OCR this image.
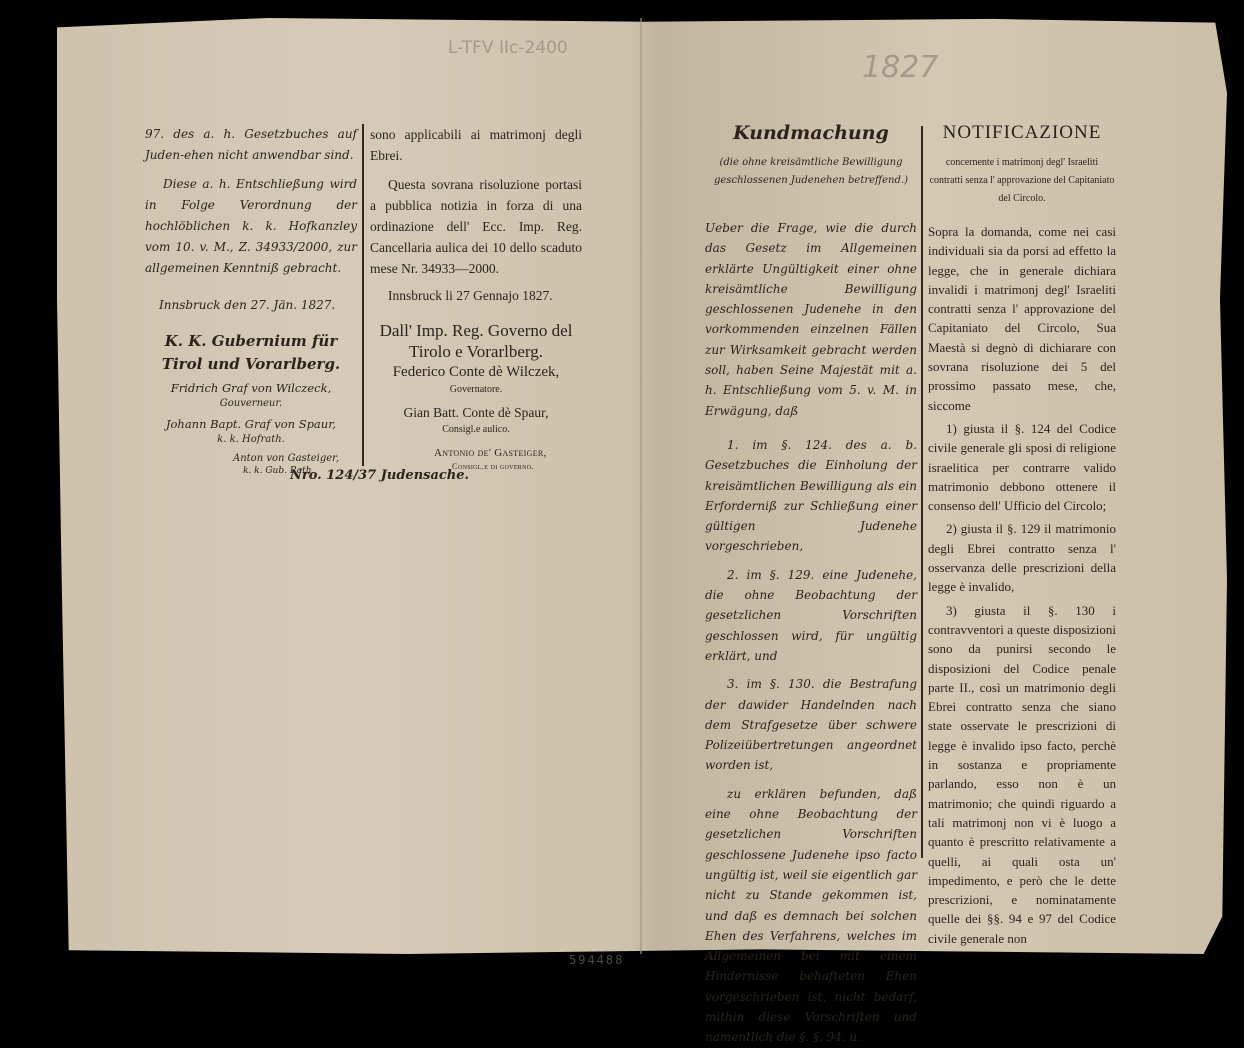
L-TFV IIc-2400
1827

97. des a. h. Gesetzbuches auf Juden-ehen nicht anwendbar sind.

Diese a. h. Entschließung wird in Folge Verordnung der hochlöblichen k. k. Hofkanzley vom 10. v. M., Z. 34933/2000, zur allgemeinen Kenntniß gebracht.

Innsbruck den 27. Jän. 1827.

K. K. Gubernium für Tirol und Vorarlberg.

Fridrich Graf von Wilczeck,

Gouverneur.

Johann Bapt. Graf von Spaur,

k. k. Hofrath.

Anton von Gasteiger,

k. k. Gub. Rath.

sono applicabili ai matrimonj degli Ebrei.

Questa sovrana risoluzione portasi a pubblica notizia in forza di una ordinazione dell' Ecc. Imp. Reg. Cancellaria aulica dei 10 dello scaduto mese Nr. 34933—2000.

Innsbruck li 27 Gennajo 1827.

Dall' Imp. Reg. Governo del Tirolo e Vorarlberg.

Federico Conte dè Wilczek,

Governatore.

Gian Batt. Conte dè Spaur,

Consigl.e aulico.

Antonio de' Gasteiger,

Consigl.e di governo.

Nro. 124/37 Judensache.

Kundmachung

(die ohne kreisämtliche Bewilligung geschlossenen Judenehen betreffend.)

Ueber die Frage, wie die durch das Gesetz im Allgemeinen erklärte Ungültigkeit einer ohne kreisämtliche Bewilligung geschlossenen Judenehe in den vorkommenden einzelnen Fällen zur Wirksamkeit gebracht werden soll, haben Seine Majestät mit a. h. Entschließung vom 5. v. M. in Erwägung, daß

1. im §. 124. des a. b. Gesetzbuches die Einholung der kreisämtlichen Bewilligung als ein Erforderniß zur Schließung einer gültigen Judenehe vorgeschrieben,

2. im §. 129. eine Judenehe, die ohne Beobachtung der gesetzlichen Vorschriften geschlossen wird, für ungültig erklärt, und

3. im §. 130. die Bestrafung der dawider Handelnden nach dem Strafgesetze über schwere Polizeiübertretungen angeordnet worden ist,

zu erklären befunden, daß eine ohne Beobachtung der gesetzlichen Vorschriften geschlossene Judenehe ipso facto ungültig ist, weil sie eigentlich gar nicht zu Stande gekommen ist, und daß es demnach bei solchen Ehen des Verfahrens, welches im Allgemeinen bei mit einem Hindernisse behafteten Ehen vorgeschrieben ist, nicht bedarf, mithin diese Vorschriften und namentlich die §. §. 94. u.

NOTIFICAZIONE

concernente i matrimonj degl' Israeliti contratti senza l' approvazione del Capitaniato del Circolo.

Sopra la domanda, come nei casi individuali sia da porsi ad effetto la legge, che in generale dichiara invalidi i matrimonj degl' Israeliti contratti senza l' approvazione del Capitaniato del Circolo, Sua Maestà si degnò di dichiarare con sovrana risoluzione dei 5 del prossimo passato mese, che, siccome

1) giusta il §. 124 del Codice civile generale gli sposi di religione israelitica per contrarre valido matrimonio debbono ottenere il consenso dell' Ufficio del Circolo;

2) giusta il §. 129 il matrimonio degli Ebrei contratto senza l' osservanza delle prescrizioni della legge è invalido,

3) giusta il §. 130 i contravventori a queste disposizioni sono da punirsi secondo le disposizioni del Codice penale parte II., così un matrimonio degli Ebrei contratto senza che siano state osservate le prescrizioni di legge è invalido ipso facto, perchè in sostanza e propriamente parlando, esso non è un matrimonio; che quindi riguardo a tali matrimonj non vi è luogo a quanto è prescritto relativamente a quelli, ai quali osta un' impedimento, e però che le dette prescrizioni, e nominatamente quelle dei §§. 94 e 97 del Codice civile generale non

594488
